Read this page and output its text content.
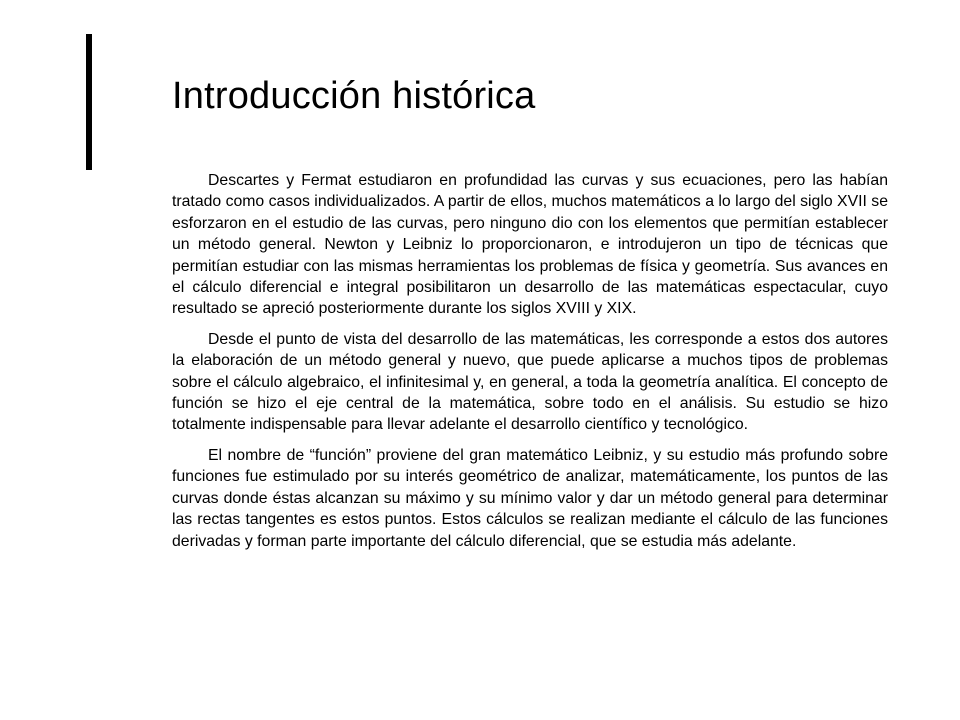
Introducción histórica

Descartes y Fermat estudiaron en profundidad las curvas y sus ecuaciones, pero las habían tratado como casos individualizados. A partir de ellos, muchos matemáticos a lo largo del siglo XVII se esforzaron en el estudio de las curvas, pero ninguno dio con los elementos que permitían establecer un método general. Newton y Leibniz lo proporcionaron, e introdujeron un tipo de técnicas que permitían estudiar con las mismas herramientas los problemas de física y geometría. Sus avances en el cálculo diferencial e integral posibilitaron un desarrollo de las matemáticas espectacular, cuyo resultado se apreció posteriormente durante los siglos XVIII y XIX.

Desde el punto de vista del desarrollo de las matemáticas, les corresponde a estos dos autores la elaboración de un método general y nuevo, que puede aplicarse a muchos tipos de problemas sobre el cálculo algebraico, el infinitesimal y, en general, a toda la geometría analítica. El concepto de función se hizo el eje central de la matemática, sobre todo en el análisis. Su estudio se hizo totalmente indispensable para llevar adelante el desarrollo científico y tecnológico.

El nombre de “función” proviene del gran matemático Leibniz, y su estudio más profundo sobre funciones fue estimulado por su interés geométrico de analizar, matemáticamente, los puntos de las curvas donde éstas alcanzan su máximo y su mínimo valor y dar un método general para determinar las rectas tangentes es estos puntos. Estos cálculos se realizan mediante el cálculo de las funciones derivadas y forman parte importante del cálculo diferencial, que se estudia más adelante.
